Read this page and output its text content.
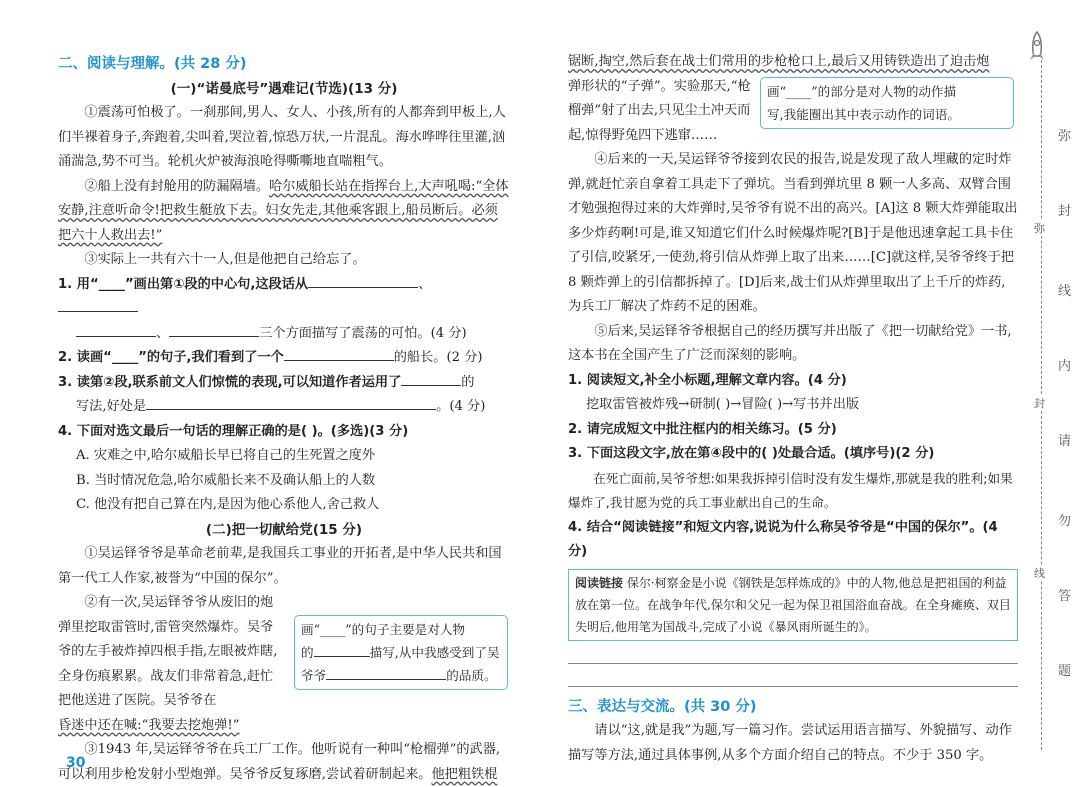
二、阅读与理解。(共 28 分)
(一)“诺曼底号”遇难记(节选)(13 分)

①震荡可怕极了。一刹那间,男人、女人、小孩,所有的人都奔到甲板上,人们半裸着身子,奔跑着,尖叫着,哭泣着,惊恐万状,一片混乱。海水哗哗往里灌,汹涌湍急,势不可当。轮机火炉被海浪呛得嘶嘶地直喘粗气。

②船上没有封舱用的防漏隔墙。哈尔威船长站在指挥台上,大声吼喝:“全体安静,注意听命令!把救生艇放下去。妇女先走,其他乘客跟上,船员断后。必须把六十人救出去!”

③实际上一共有六十一人,但是他把自己给忘了。

1. 用“____”画出第①段的中心句,这段话从	、

、	三个方面描写了震荡的可怕。(4 分)

2. 读画“____”的句子,我们看到了一个	的船长。(2 分)

3. 读第②段,联系前文人们惊慌的表现,可以知道作者运用了	的

写法,好处是	。(4 分)

4. 下面对选文最后一句话的理解正确的是( )。(多选)(3 分)

A. 灾难之中,哈尔威船长早已将自己的生死置之度外

B. 当时情况危急,哈尔威船长来不及确认船上的人数

C. 他没有把自己算在内,是因为他心系他人,舍己救人

(二)把一切献给党(15 分)

①吴运铎爷爷是革命老前辈,是我国兵工事业的开拓者,是中华人民共和国第一代工人作家,被誉为“中国的保尔”。

②有一次,吴运铎爷爷从废旧的炮弹里挖取雷管时,雷管突然爆炸。吴爷爷的左手被炸掉四根手指,左眼被炸瞎,全身伤痕累累。战友们非常着急,赶忙把他送进了医院。吴爷爷在

昏迷中还在喊:“我要去挖炮弹!”

画“____”的句子主要是对人物
的	描写,从中我感受到了吴
爷爷	的品质。

③1943 年,吴运铎爷爷在兵工厂工作。他听说有一种叫“枪榴弹”的武器,可以利用步枪发射小型炮弹。吴爷爷反复琢磨,尝试着研制起来。他把粗铁棍

30

锯断,掏空,然后套在战士们常用的步枪枪口上,最后又用铸铁造出了迫击炮

弹形状的“子弹”。实验那天,“枪榴弹”射了出去,只见尘土冲天而起,惊得野兔四下逃窜……

画“____”的部分是对人物的动作描
写,我能圈出其中表示动作的词语。

④后来的一天,吴运铎爷爷接到农民的报告,说是发现了敌人埋藏的定时炸弹,就赶忙亲自拿着工具走下了弹坑。当看到弹坑里 8 颗一人多高、双臂合围才勉强抱得过来的大炸弹时,吴爷爷有说不出的高兴。[A]这 8 颗大炸弹能取出多少炸药啊!可是,谁又知道它们什么时候爆炸呢?[B]于是他迅速拿起工具卡住了引信,咬紧牙,一使劲,将引信从炸弹上取了出来……[C]就这样,吴爷爷终于把 8 颗炸弹上的引信都拆掉了。[D]后来,战士们从炸弹里取出了上千斤的炸药,为兵工厂解决了炸药不足的困难。

⑤后来,吴运铎爷爷根据自己的经历撰写并出版了《把一切献给党》一书,这本书在全国产生了广泛而深刻的影响。

1. 阅读短文,补全小标题,理解文章内容。(4 分)

挖取雷管被炸残→研制( )→冒险( )→写书并出版

2. 请完成短文中批注框内的相关练习。(5 分)

3. 下面这段文字,放在第④段中的( )处最合适。(填序号)(2 分)

在死亡面前,吴爷爷想:如果我拆掉引信时没有发生爆炸,那就是我的胜利;如果爆炸了,我甘愿为党的兵工事业献出自己的生命。

4. 结合“阅读链接”和短文内容,说说为什么称吴爷爷是“中国的保尔”。(4 分)

阅读链接 保尔·柯察金是小说《钢铁是怎样炼成的》中的人物,他总是把祖国的利益放在第一位。在战争年代,保尔和父兄一起为保卫祖国浴血奋战。在全身瘫痪、双目失明后,他用笔为国战斗,完成了小说《暴风雨所诞生的》。
三、表达与交流。(共 30 分)

请以“这,就是我”为题,写一篇习作。尝试运用语言描写、外貌描写、动作描写等方法,通过具体事例,从多个方面介绍自己的特点。不少于 350 字。

弥
封
线
内
请
勿
答
题
弥
封
线
